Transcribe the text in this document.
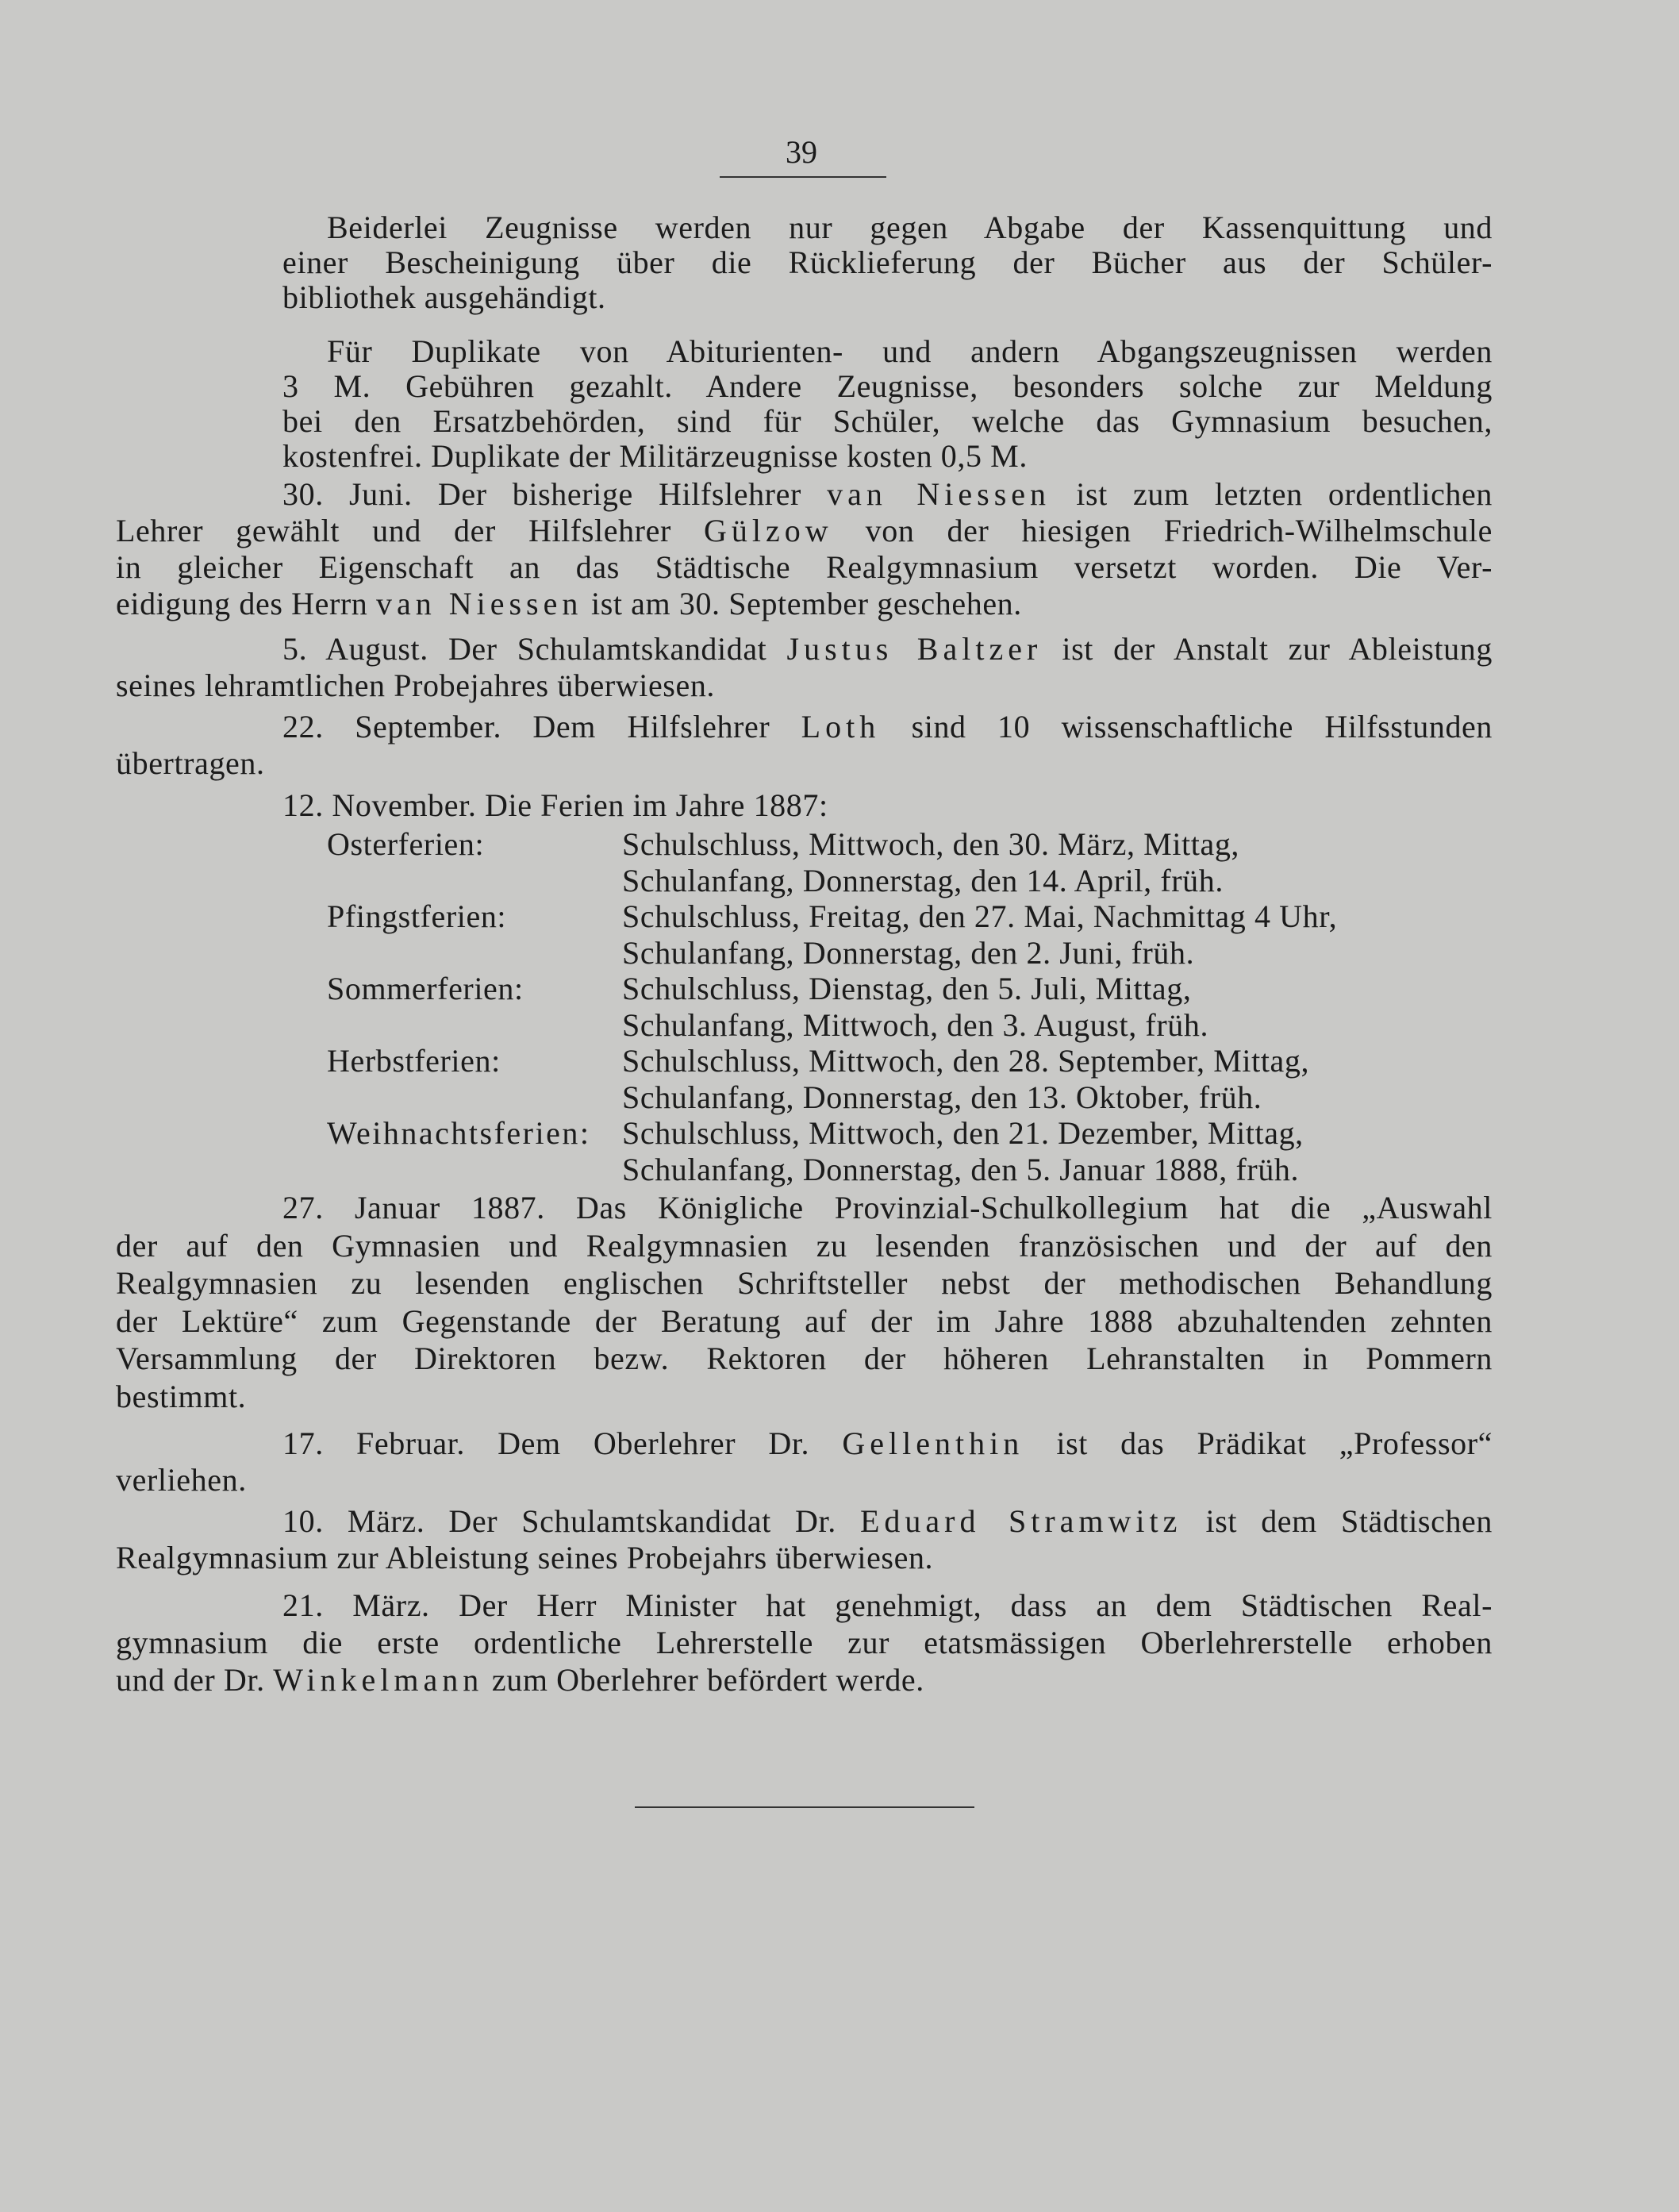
39
Beiderlei Zeugnisse werden nur gegen Abgabe der Kassenquittung und
einer Bescheinigung über die Rücklieferung der Bücher aus der Schüler-
bibliothek ausgehändigt.
Für Duplikate von Abiturienten- und andern Abgangszeugnissen werden
3 M. Gebühren gezahlt. Andere Zeugnisse, besonders solche zur Meldung
bei den Ersatzbehörden, sind für Schüler, welche das Gymnasium besuchen,
kostenfrei. Duplikate der Militärzeugnisse kosten 0,5 M.
30. Juni. Der bisherige Hilfslehrer van Niessen ist zum letzten ordentlichen
Lehrer gewählt und der Hilfslehrer Gülzow von der hiesigen Friedrich-Wilhelmschule
in gleicher Eigenschaft an das Städtische Realgymnasium versetzt worden. Die Ver-
eidigung des Herrn van Niessen ist am 30. September geschehen.
5. August. Der Schulamtskandidat Justus Baltzer ist der Anstalt zur Ableistung
seines lehramtlichen Probejahres überwiesen.
22. September. Dem Hilfslehrer Loth sind 10 wissenschaftliche Hilfsstunden
übertragen.
12. November. Die Ferien im Jahre 1887:
27. Januar 1887. Das Königliche Provinzial-Schulkollegium hat die „Auswahl
der auf den Gymnasien und Realgymnasien zu lesenden französischen und der auf den
Realgymnasien zu lesenden englischen Schriftsteller nebst der methodischen Behandlung
der Lektüre“ zum Gegenstande der Beratung auf der im Jahre 1888 abzuhaltenden zehnten
Versammlung der Direktoren bezw. Rektoren der höheren Lehranstalten in Pommern
bestimmt.
17. Februar. Dem Oberlehrer Dr. Gellenthin ist das Prädikat „Professor“
verliehen.
10. März. Der Schulamtskandidat Dr. Eduard Stramwitz ist dem Städtischen
Realgymnasium zur Ableistung seines Probejahrs überwiesen.
21. März. Der Herr Minister hat genehmigt, dass an dem Städtischen Real-
gymnasium die erste ordentliche Lehrerstelle zur etatsmässigen Oberlehrerstelle erhoben
und der Dr. Winkelmann zum Oberlehrer befördert werde.
Osterferien:	Schulschluss, Mittwoch, den 30. März, Mittag,
Schulanfang, Donnerstag, den 14. April, früh.
Pfingstferien:	Schulschluss, Freitag, den 27. Mai, Nachmittag 4 Uhr,
Schulanfang, Donnerstag, den 2. Juni, früh.
Sommerferien:	Schulschluss, Dienstag, den 5. Juli, Mittag,
Schulanfang, Mittwoch, den 3. August, früh.
Herbstferien:	Schulschluss, Mittwoch, den 28. September, Mittag,
Schulanfang, Donnerstag, den 13. Oktober, früh.
Weihnachtsferien: Schulschluss, Mittwoch, den 21. Dezember, Mittag,
Schulanfang, Donnerstag, den 5. Januar 1888, früh.
